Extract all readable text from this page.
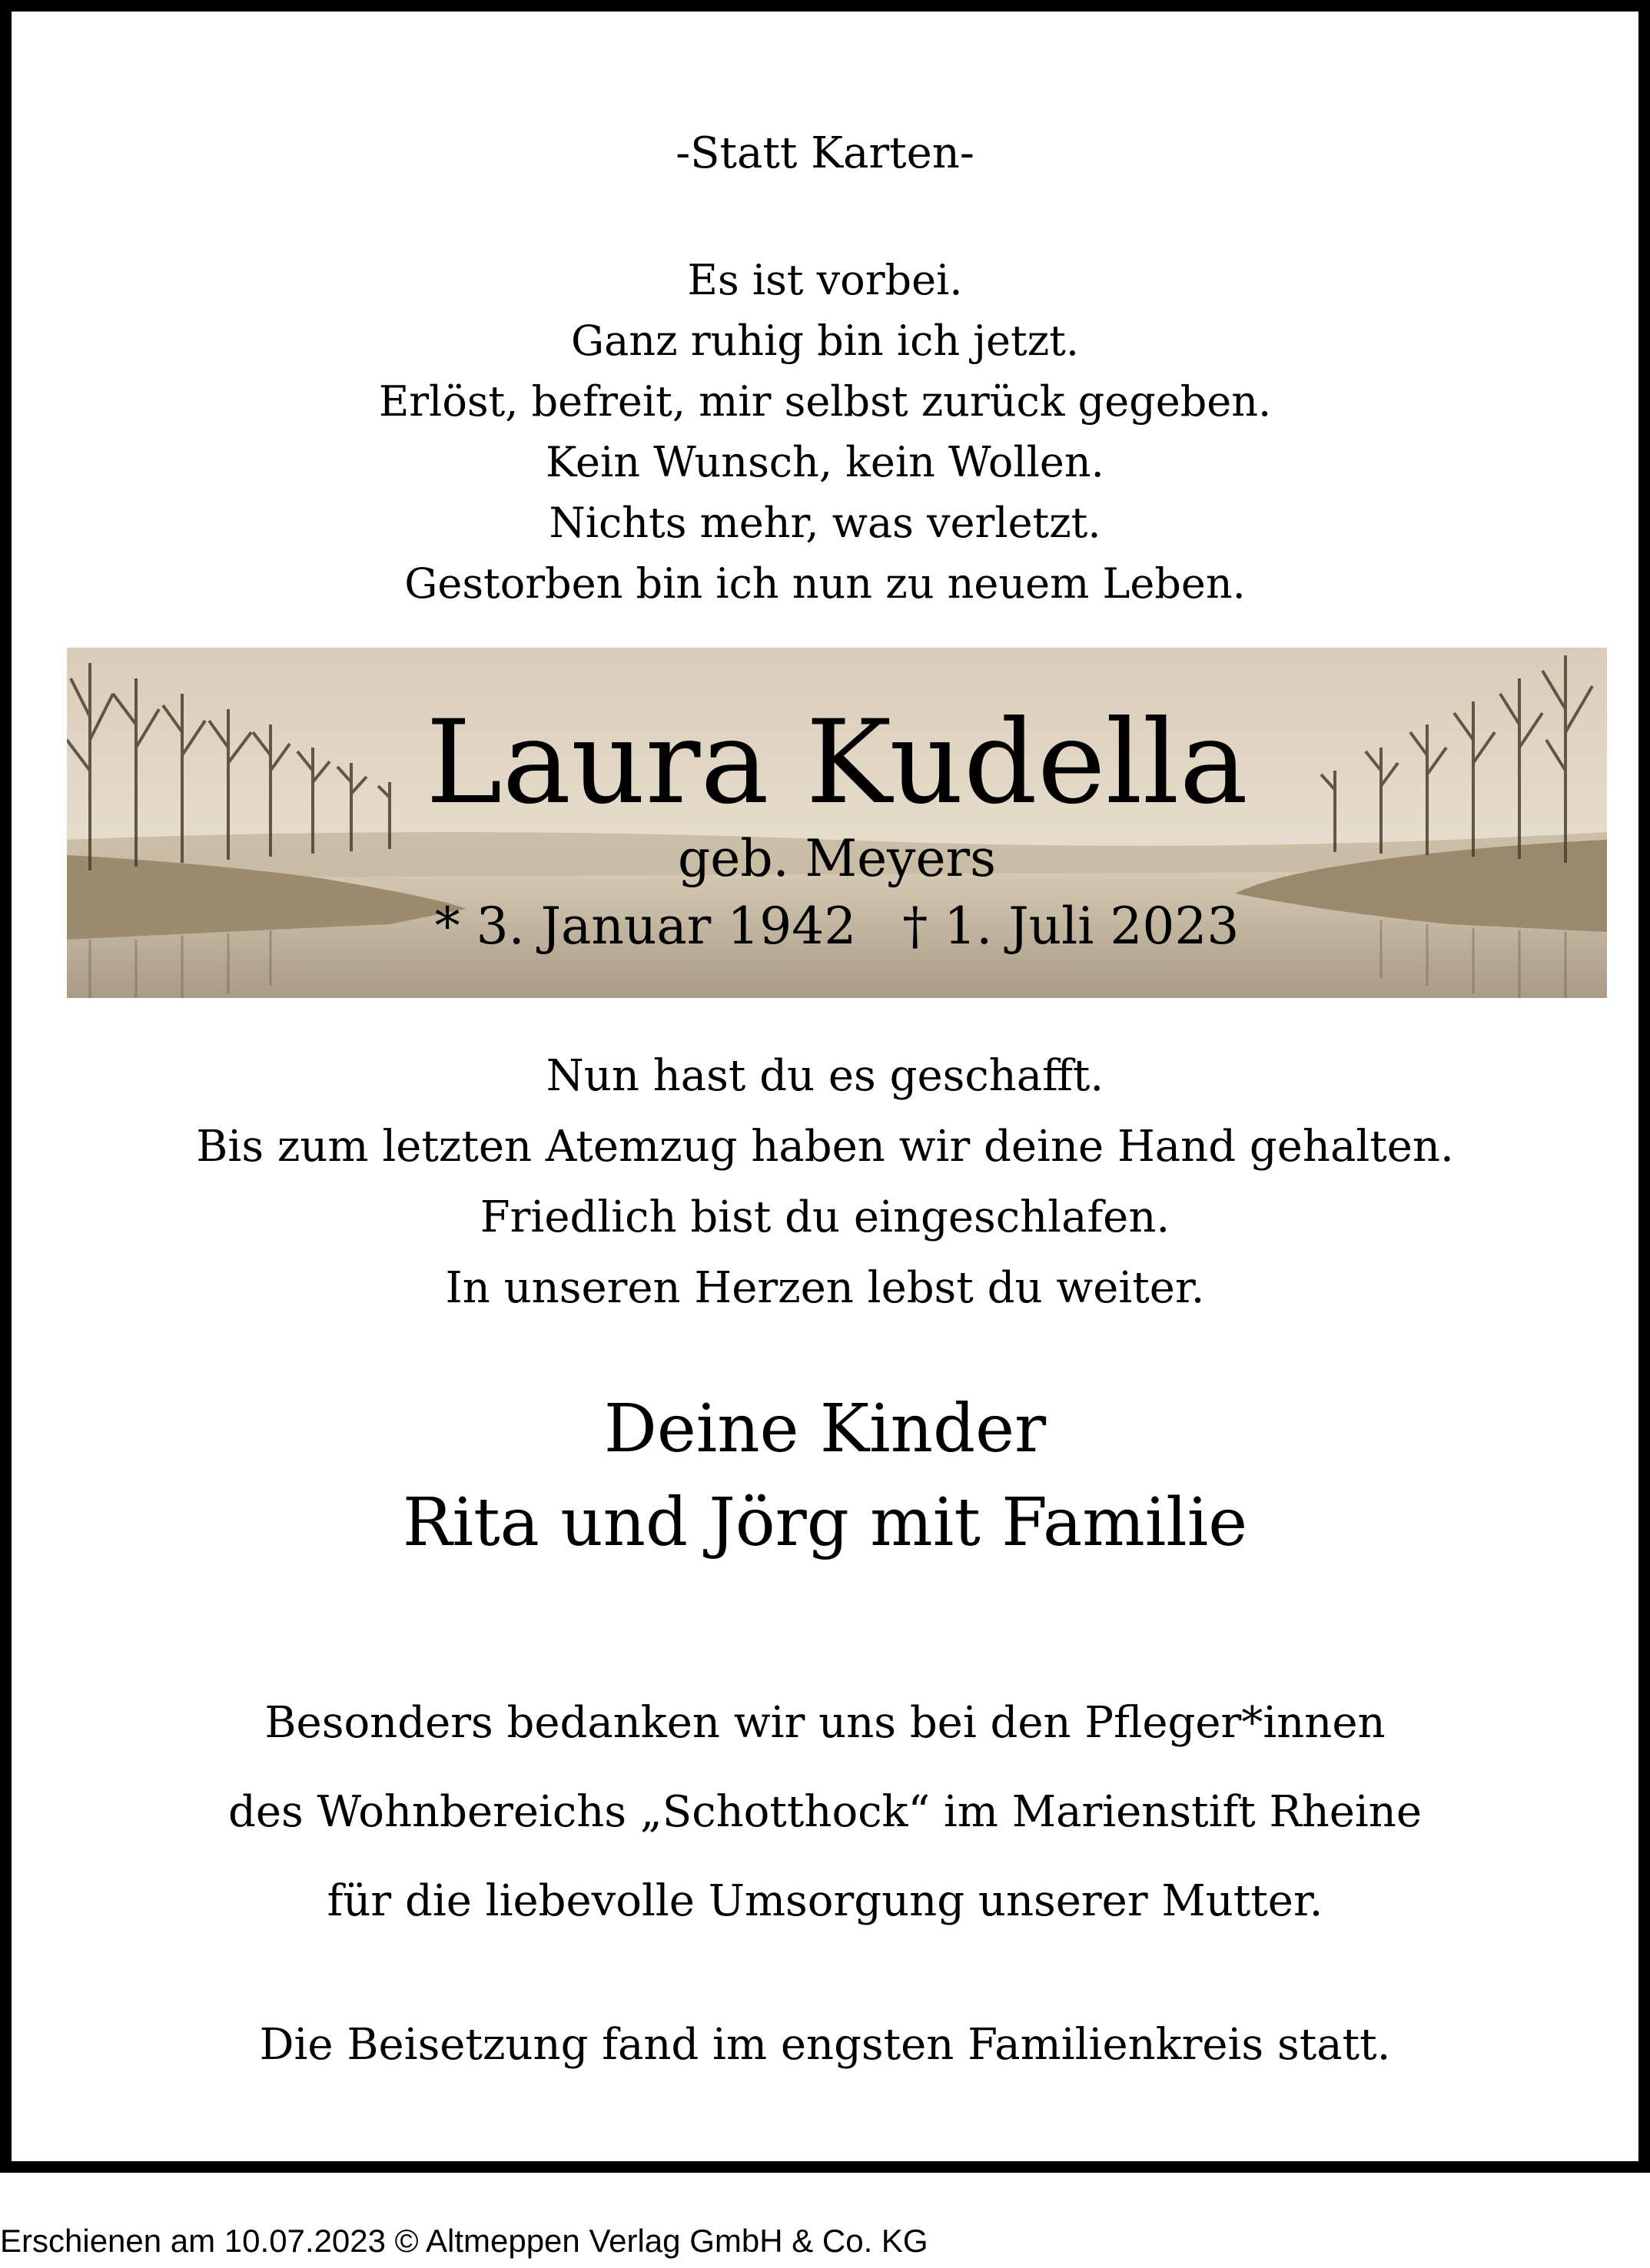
-Statt Karten-
Es ist vorbei.
Ganz ruhig bin ich jetzt.
Erlöst, befreit, mir selbst zurück gegeben.
Kein Wunsch, kein Wollen.
Nichts mehr, was verletzt.
Gestorben bin ich nun zu neuem Leben.
Laura Kudella
geb. Meyers
* 3. Januar 1942 † 1. Juli 2023
Nun hast du es geschafft.
Bis zum letzten Atemzug haben wir deine Hand gehalten.
Friedlich bist du eingeschlafen.
In unseren Herzen lebst du weiter.
Deine Kinder
Rita und Jörg mit Familie
Besonders bedanken wir uns bei den Pfleger*innen
des Wohnbereichs „Schotthock“ im Marienstift Rheine
für die liebevolle Umsorgung unserer Mutter.
Die Beisetzung fand im engsten Familienkreis statt.
Erschienen am 10.07.2023 © Altmeppen Verlag GmbH & Co. KG
